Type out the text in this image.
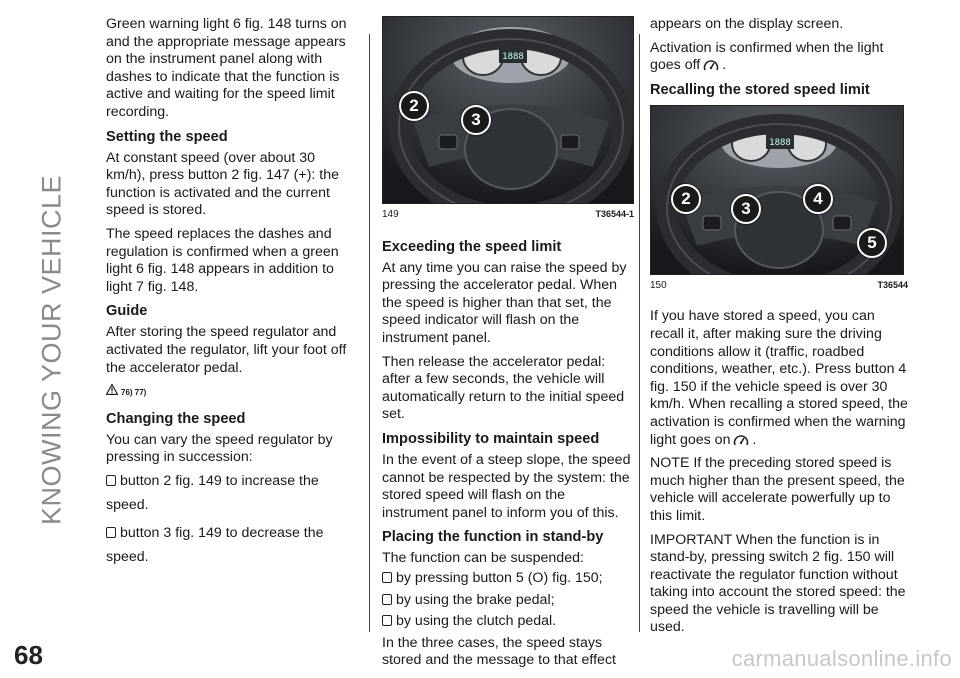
KNOWING YOUR VEHICLE
68

Green warning light 6 fig. 148 turns on and the appropriate message appears on the instrument panel along with dashes to indicate that the function is active and waiting for the speed limit recording.

Setting the speed

At constant speed (over about 30 km/h), press button 2 fig. 147 (+): the function is activated and the current speed is stored.

The speed replaces the dashes and regulation is confirmed when a green light 6 fig. 148 appears in addition to light 7 fig. 148.

Guide

After storing the speed regulator and activated the regulator, lift your foot off the accelerator pedal.

76) 77)
Changing the speed

You can vary the speed regulator by pressing in succession:

button 2 fig. 149 to increase the speed.
button 3 fig. 149 to decrease the speed.
1888
2
3
149	T36544-1
Exceeding the speed limit

At any time you can raise the speed by pressing the accelerator pedal. When the speed is higher than that set, the speed indicator will flash on the instrument panel.

Then release the accelerator pedal: after a few seconds, the vehicle will automatically return to the initial speed set.

Impossibility to maintain speed

In the event of a steep slope, the speed cannot be respected by the system: the stored speed will flash on the instrument panel to inform you of this.

Placing the function in stand-by

The function can be suspended:

by pressing button 5 (O) fig. 150;
by using the brake pedal;
by using the clutch pedal.

In the three cases, the speed stays stored and the message to that effect

appears on the display screen.

Activation is confirmed when the light goes off .

Recalling the stored speed limit
1888
2
3
4
5
150	T36544

If you have stored a speed, you can recall it, after making sure the driving conditions allow it (traffic, roadbed conditions, weather, etc.). Press button 4 fig. 150 if the vehicle speed is over 30 km/h. When recalling a stored speed, the activation is confirmed when the warning light goes on .

NOTE If the preceding stored speed is much higher than the present speed, the vehicle will accelerate powerfully up to this limit.

IMPORTANT When the function is in stand-by, pressing switch 2 fig. 150 will reactivate the regulator function without taking into account the stored speed: the speed the vehicle is travelling will be used.

carmanualsonline.info
